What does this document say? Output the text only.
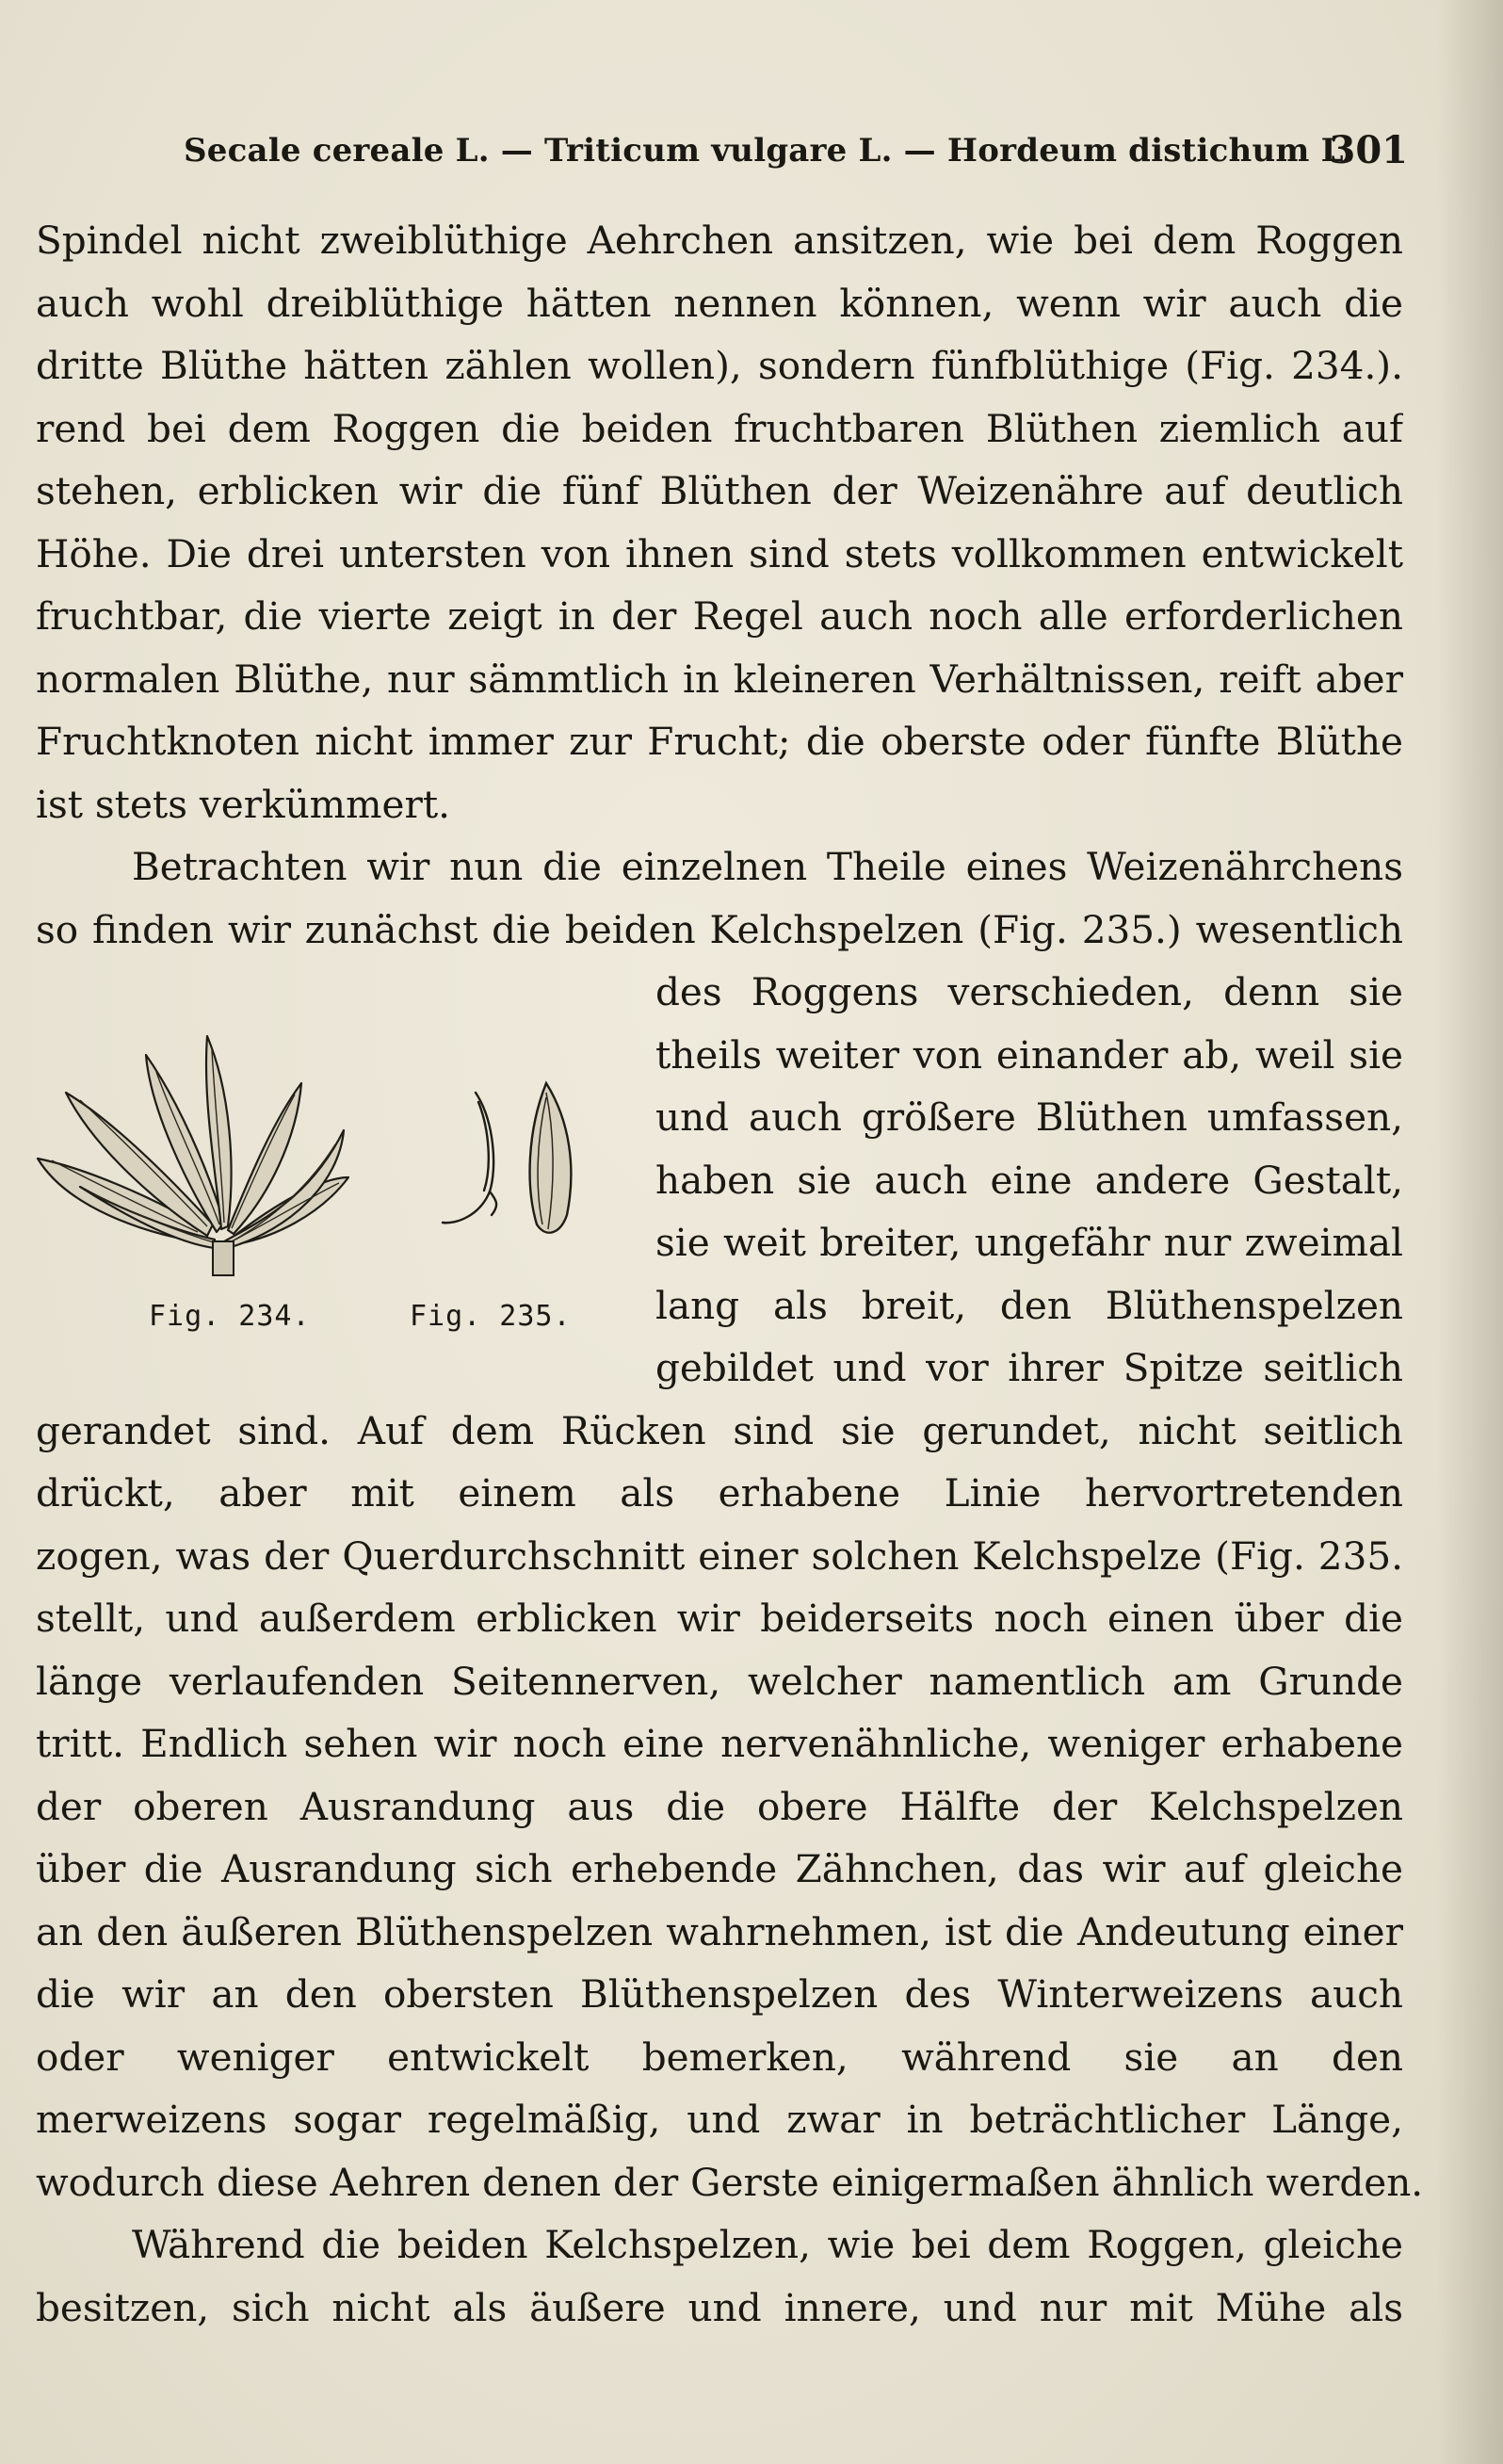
Secale cereale L. — Triticum vulgare L. — Hordeum distichum L.
301
Spindel nicht zweiblüthige Aehrchen ansitzen, wie bei dem Roggen
auch wohl dreiblüthige hätten nennen können, wenn wir auch die
dritte Blüthe hätten zählen wollen), sondern fünfblüthige (Fig. 234.).
rend bei dem Roggen die beiden fruchtbaren Blüthen ziemlich auf
stehen, erblicken wir die fünf Blüthen der Weizenähre auf deutlich
Höhe. Die drei untersten von ihnen sind stets vollkommen entwickelt
fruchtbar, die vierte zeigt in der Regel auch noch alle erforderlichen
normalen Blüthe, nur sämmtlich in kleineren Verhältnissen, reift aber
Fruchtknoten nicht immer zur Frucht; die oberste oder fünfte Blüthe
ist stets verkümmert.
Betrachten wir nun die einzelnen Theile eines Weizenährchens
so finden wir zunächst die beiden Kelchspelzen (Fig. 235.) wesentlich
des Roggens verschieden, denn sie
theils weiter von einander ab, weil sie
und auch größere Blüthen umfassen,
haben sie auch eine andere Gestalt,
sie weit breiter, ungefähr nur zweimal
lang als breit, den Blüthenspelzen
gebildet und vor ihrer Spitze seitlich
gerandet sind. Auf dem Rücken sind sie gerundet, nicht seitlich
drückt, aber mit einem als erhabene Linie hervortretenden
zogen, was der Querdurchschnitt einer solchen Kelchspelze (Fig. 235.
stellt, und außerdem erblicken wir beiderseits noch einen über die
länge verlaufenden Seitennerven, welcher namentlich am Grunde
tritt. Endlich sehen wir noch eine nervenähnliche, weniger erhabene
der oberen Ausrandung aus die obere Hälfte der Kelchspelzen
über die Ausrandung sich erhebende Zähnchen, das wir auf gleiche
an den äußeren Blüthenspelzen wahrnehmen, ist die Andeutung einer
die wir an den obersten Blüthenspelzen des Winterweizens auch
oder weniger entwickelt bemerken, während sie an den
merweizens sogar regelmäßig, und zwar in beträchtlicher Länge,
wodurch diese Aehren denen der Gerste einigermaßen ähnlich werden.
Während die beiden Kelchspelzen, wie bei dem Roggen, gleiche
besitzen, sich nicht als äußere und innere, und nur mit Mühe als
Fig. 234.	Fig. 235.
